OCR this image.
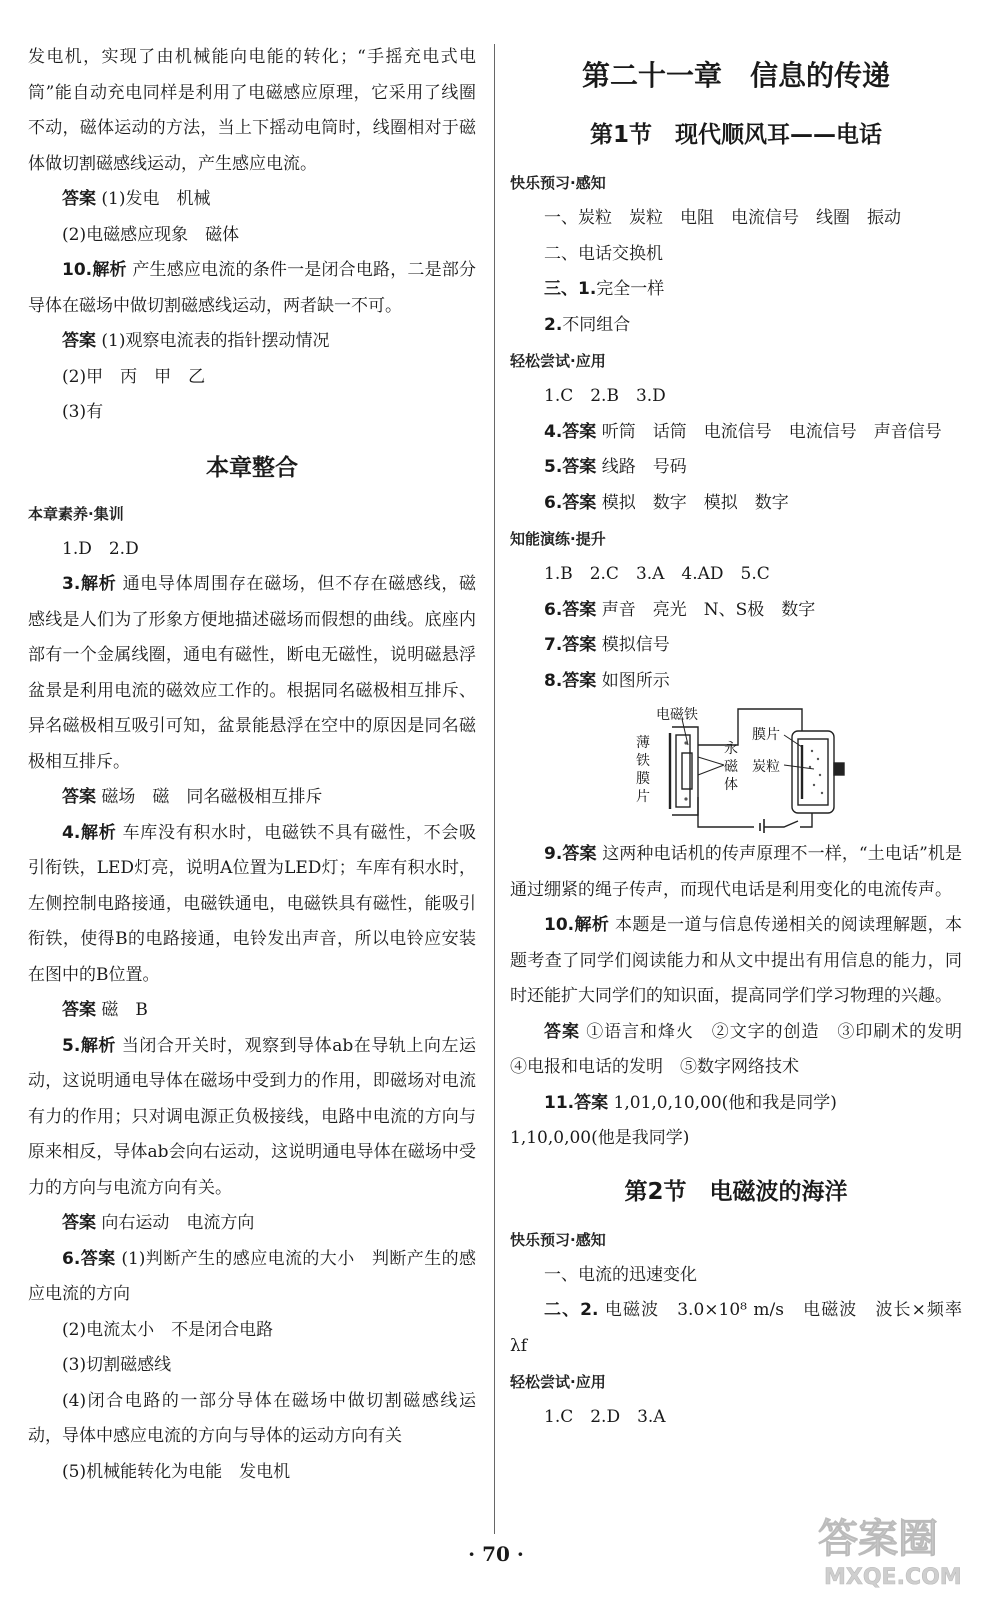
发电机，实现了由机械能向电能的转化；“手摇充电式电筒”能自动充电同样是利用了电磁感应原理，它采用了线圈不动，磁体运动的方法，当上下摇动电筒时，线圈相对于磁体做切割磁感线运动，产生感应电流。

答案 (1)发电　机械

(2)电磁感应现象　磁体

10.解析 产生感应电流的条件一是闭合电路，二是部分导体在磁场中做切割磁感线运动，两者缺一不可。

答案 (1)观察电流表的指针摆动情况

(2)甲　丙　甲　乙

(3)有

本章整合

本章素养·集训

1.D　2.D

3.解析 通电导体周围存在磁场，但不存在磁感线，磁感线是人们为了形象方便地描述磁场而假想的曲线。底座内部有一个金属线圈，通电有磁性，断电无磁性，说明磁悬浮盆景是利用电流的磁效应工作的。根据同名磁极相互排斥、异名磁极相互吸引可知，盆景能悬浮在空中的原因是同名磁极相互排斥。

答案 磁场　磁　同名磁极相互排斥

4.解析 车库没有积水时，电磁铁不具有磁性，不会吸引衔铁，LED灯亮，说明A位置为LED灯；车库有积水时，左侧控制电路接通，电磁铁通电，电磁铁具有磁性，能吸引衔铁，使得B的电路接通，电铃发出声音，所以电铃应安装在图中的B位置。

答案 磁　B

5.解析 当闭合开关时，观察到导体ab在导轨上向左运动，这说明通电导体在磁场中受到力的作用，即磁场对电流有力的作用；只对调电源正负极接线，电路中电流的方向与原来相反，导体ab会向右运动，这说明通电导体在磁场中受力的方向与电流方向有关。

答案 向右运动　电流方向

6.答案 (1)判断产生的感应电流的大小　判断产生的感应电流的方向

(2)电流太小　不是闭合电路

(3)切割磁感线

(4)闭合电路的一部分导体在磁场中做切割磁感线运动，导体中感应电流的方向与导体的运动方向有关

(5)机械能转化为电能　发电机

第二十一章　信息的传递
第1节　现代顺风耳——电话

快乐预习·感知

一、炭粒　炭粒　电阻　电流信号　线圈　振动

二、电话交换机

三、1.完全一样

2.不同组合

轻松尝试·应用

1.C　2.B　3.D

4.答案 听筒　话筒　电流信号　电流信号　声音信号

5.答案 线路　号码

6.答案 模拟　数字　模拟　数字

知能演练·提升

1.B　2.C　3.A　4.AD　5.C

6.答案 声音　亮光　N、S极　数字

7.答案 模拟信号

8.答案 如图所示

电磁铁
薄
铁
膜
片
永
磁
体
膜片
炭粒

9.答案 这两种电话机的传声原理不一样，“土电话”机是通过绷紧的绳子传声，而现代电话是利用变化的电流传声。

10.解析 本题是一道与信息传递相关的阅读理解题，本题考查了同学们阅读能力和从文中提出有用信息的能力，同时还能扩大同学们的知识面，提高同学们学习物理的兴趣。

答案 ①语言和烽火　②文字的创造　③印刷术的发明　④电报和电话的发明　⑤数字网络技术

11.答案 1,01,0,10,00(他和我是同学)

1,10,0,00(他是我同学)

第2节　电磁波的海洋

快乐预习·感知

一、电流的迅速变化

二、2. 电磁波　3.0×10⁸ m/s　电磁波　波长×频率　λf

轻松尝试·应用

1.C　2.D　3.A

· 70 ·	答案圈
MXQE.COM
